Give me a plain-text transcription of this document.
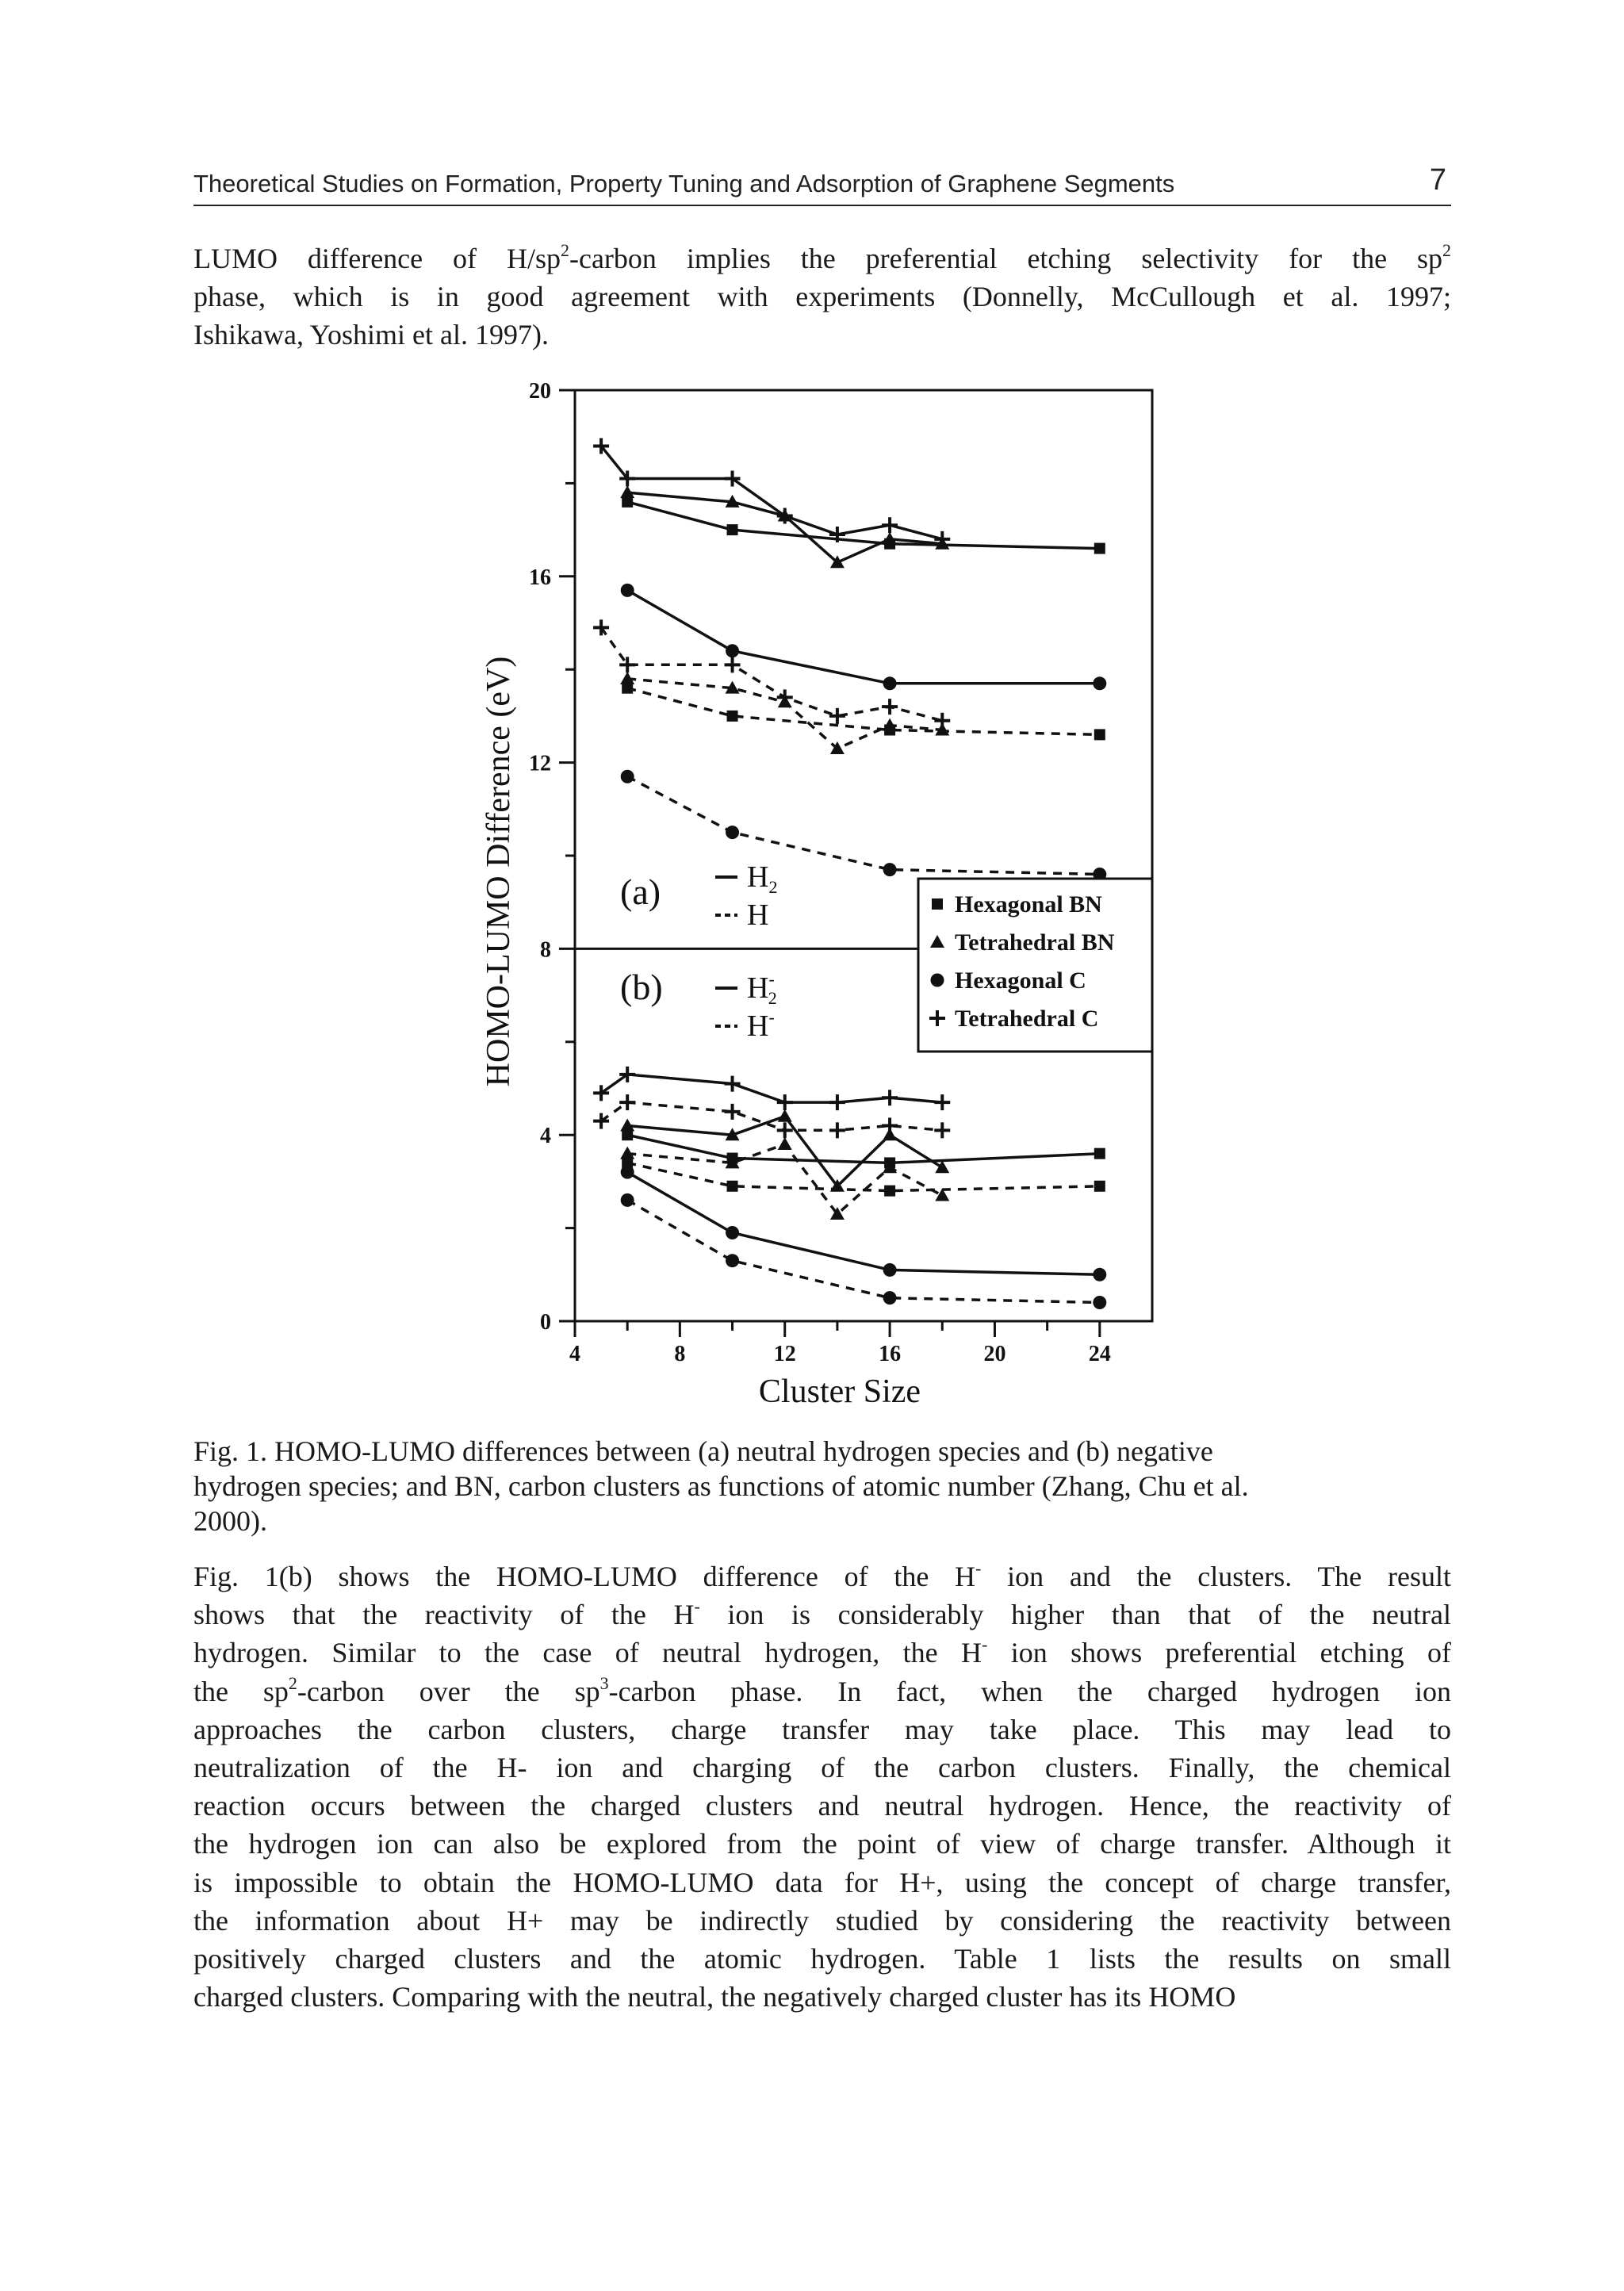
Theoretical Studies on Formation, Property Tuning and Adsorption of Graphene Segments	7
LUMO difference of $H/sp^2$-carbon implies the preferential etching selectivity for the $sp^2$
phase, which is in good agreement with experiments (Donnelly, McCullough et al. 1997;
Ishikawa, Yoshimi et al. 1997).
0
4
8
12
16
20
4	8	12	16	20	24
Cluster Size
HOMO-LUMO Difference (eV)	(a)
(b)
$H_2$
H
H-2
H-
Hexagonal BN
Tetrahedral BN
Hexagonal C
Tetrahedral C
Fig. 1. HOMO-LUMO differences between (a) neutral hydrogen species and (b) negative
hydrogen species; and BN, carbon clusters as functions of atomic number (Zhang, Chu et al.
2000).
Fig. 1(b) shows the HOMO-LUMO difference of the H- ion and the clusters. The result
shows that the reactivity of the H- ion is considerably higher than that of the neutral
hydrogen. Similar to the case of neutral hydrogen, the H- ion shows preferential etching of
the $sp^2$-carbon over the $sp^3$-carbon phase. In fact, when the charged hydrogen ion
approaches the carbon clusters, charge transfer may take place. This may lead to
neutralization of the H- ion and charging of the carbon clusters. Finally, the chemical
reaction occurs between the charged clusters and neutral hydrogen. Hence, the reactivity of
the hydrogen ion can also be explored from the point of view of charge transfer. Although it
is impossible to obtain the HOMO-LUMO data for H+, using the concept of charge transfer,
the information about H+ may be indirectly studied by considering the reactivity between
positively charged clusters and the atomic hydrogen. Table 1 lists the results on small
charged clusters. Comparing with the neutral, the negatively charged cluster has its HOMO
